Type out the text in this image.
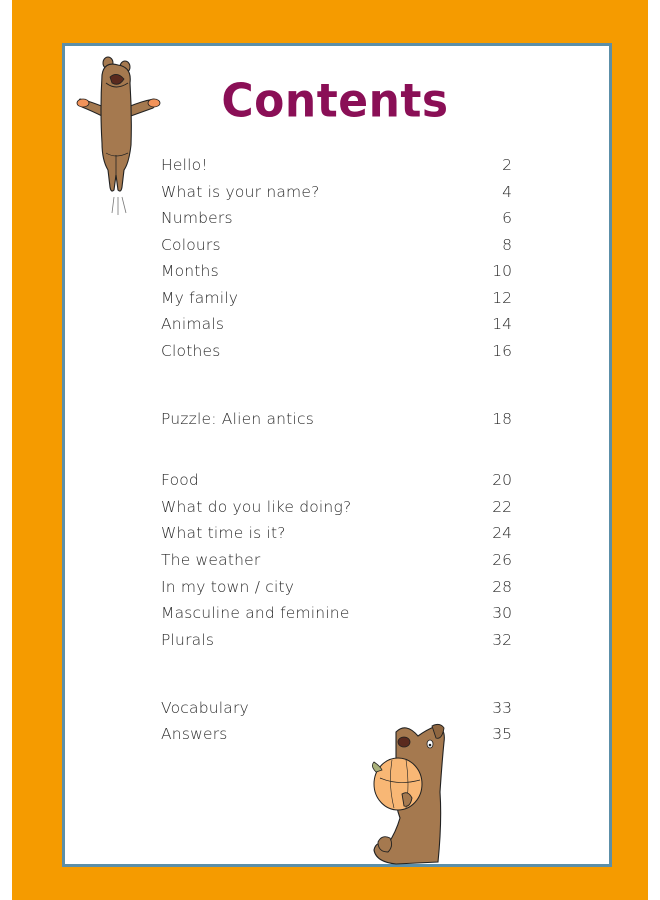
Contents
Hello!	2
What is your name?	4
Numbers	6
Colours	8
Months	10
My family	12
Animals	14
Clothes	16
Puzzle: Alien antics	18
Food	20
What do you like doing?	22
What time is it?	24
The weather	26
In my town / city	28
Masculine and feminine	30
Plurals	32
Vocabulary	33
Answers	35
